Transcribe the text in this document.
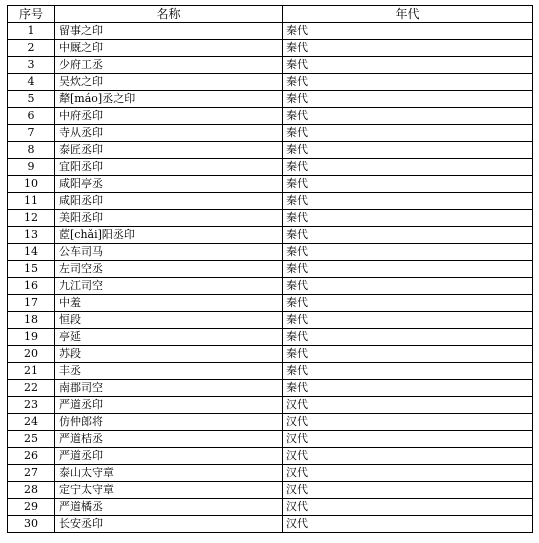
序号	名称	年代
1	留事之印	秦代
2	中厩之印	秦代
3	少府工丞	秦代
4	吴炊之印	秦代
5	犛[máo]丞之印	秦代
6	中府丞印	秦代
7	寺从丞印	秦代
8	泰匠丞印	秦代
9	宜阳丞印	秦代
10	咸阳亭丞	秦代
11	咸阳丞印	秦代
12	美阳丞印	秦代
13	茝[chǎi]阳丞印	秦代
14	公车司马	秦代
15	左司空丞	秦代
16	九江司空	秦代
17	中羞	秦代
18	恒段	秦代
19	亭延	秦代
20	苏段	秦代
21	丰丞	秦代
22	南郡司空	秦代
23	严道丞印	汉代
24	仿仲郎将	汉代
25	严道桔丞	汉代
26	严道丞印	汉代
27	泰山太守章	汉代
28	定宁太守章	汉代
29	严道橘丞	汉代
30	长安丞印	汉代
